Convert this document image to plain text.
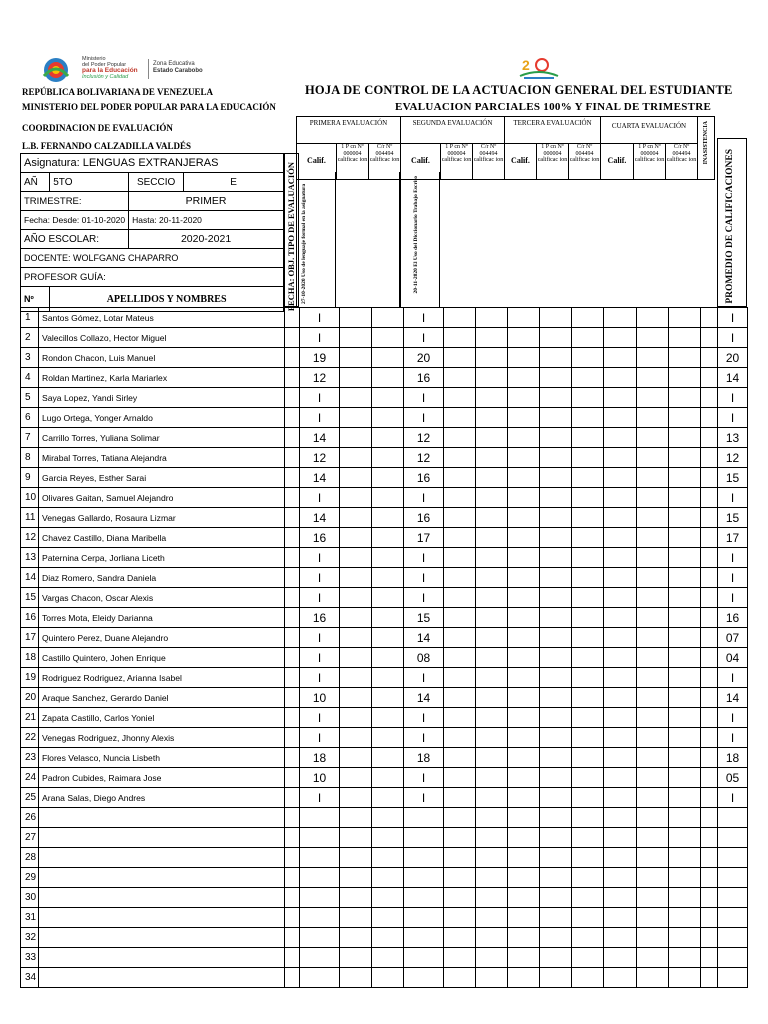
Ministerio
del Poder Popular
para la Educación
Inclusión y Calidad
Zona Educativa
Estado Carabobo	2
REPÚBLICA BOLIVARIANA DE VENEZUELA
MINISTERIO DEL PODER POPULAR PARA LA EDUCACIÓN
COORDINACION DE EVALUACIÓN
L.B. FERNANDO CALZADILLA VALDÉS
HOJA DE CONTROL DE LA ACTUACION GENERAL DEL ESTUDIANTE
EVALUACION PARCIALES 100% Y FINAL DE TRIMESTRE
Asignatura: LENGUAS EXTRANJERAS			
AÑ	5TO	SECCIO	E
TRIMESTRE:		PRIMER	
Fecha: Desde: 01-10-2020		Hasta: 20-11-2020	
AÑO ESCOLAR:		2020-2021	
DOCENTE: WOLFGANG CHAPARRO			
PROFESOR GUÍA:			
Nº	APELLIDOS Y NOMBRES			FECHA: OBJ. TIPO DE EVALUACIÓN
PRIMERA EVALUACIÓN			SEGUNDA EVALUACIÓN			TERCERA EVALUACIÓN			CUARTA EVALUACIÓN			INASISTENCIA

Calif.	1 P cn Nº 000004 calificac ion	C/r Nº 004494 calificac ion	Calif.	1 P cn Nº 000004 calificac ion	C/r Nº 004494 calificac ion	Calif.	1 P cn Nº 000004 calificac ion	C/r Nº 004494 calificac ion	Calif.	1 P cn Nº 000004 calificac ion	C/r Nº 004494 calificac ion	
27-10-2020 Uso de lenguaje formal en la asignatura	20-11-2020 El Uso del Diccionario Trabajo Escrito	PROMEDIO DE CALIFICACIONES
1	Santos Gómez, Lotar Mateus		I			I										I
2	Valecillos Collazo, Hector Miguel		I			I										I
3	Rondon Chacon, Luis Manuel		19			20										20
4	Roldan Martinez, Karla Mariarlex		12			16										14
5	Saya Lopez, Yandi Sirley		I			I										I
6	Lugo Ortega, Yonger Arnaldo		I			I										I
7	Carrillo Torres, Yuliana Solimar		14			12										13
8	Mirabal Torres, Tatiana Alejandra		12			12										12
9	Garcia Reyes, Esther Sarai		14			16										15
10	Olivares Gaitan, Samuel Alejandro		I			I										I
11	Venegas Gallardo, Rosaura Lizmar		14			16										15
12	Chavez Castillo, Diana Maribella		16			17										17
13	Paternina Cerpa, Jorliana Liceth		I			I										I
14	Diaz Romero, Sandra Daniela		I			I										I
15	Vargas Chacon, Oscar Alexis		I			I										I
16	Torres Mota, Eleidy Darianna		16			15										16
17	Quintero Perez, Duane Alejandro		I			14										07
18	Castillo Quintero, Johen Enrique		I			08										04
19	Rodriguez Rodriguez, Arianna Isabel		I			I										I
20	Araque Sanchez, Gerardo Daniel		10			14										14
21	Zapata Castillo, Carlos Yoniel		I			I										I
22	Venegas Rodriguez, Jhonny Alexis		I			I										I
23	Flores Velasco, Nuncia Lisbeth		18			18										18
24	Padron Cubides, Raimara Jose		10			I										05
25	Arana Salas, Diego Andres		I			I										I
26																
27																
28																
29																
30																
31																
32																
33																
34																
